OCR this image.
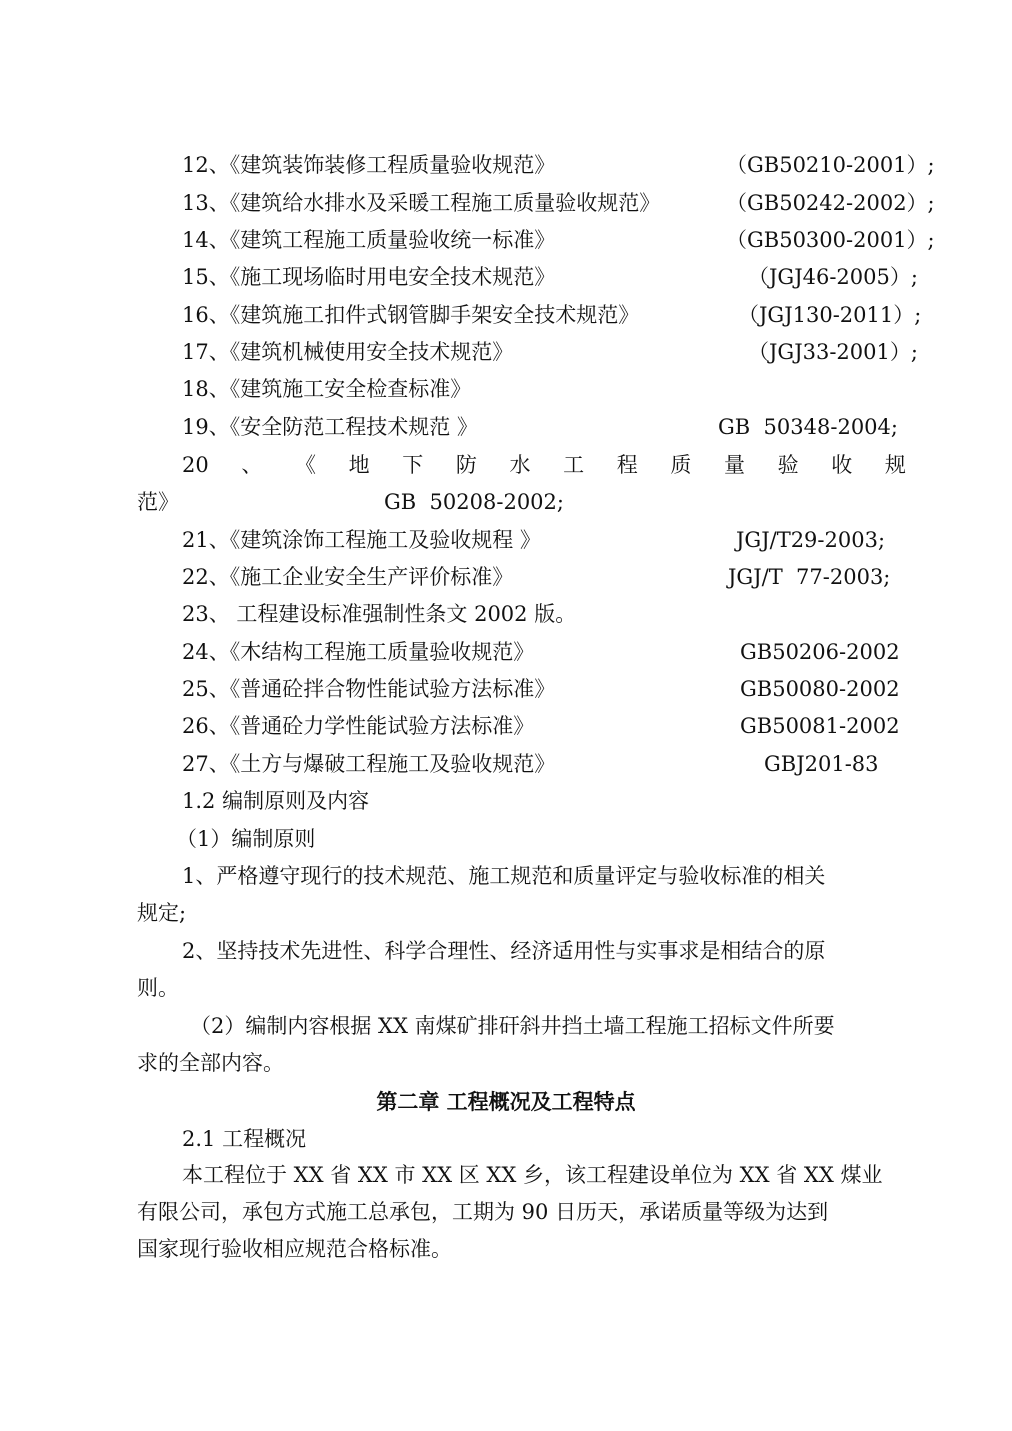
12、《建筑装饰装修工程质量验收规范》	（GB50210-2001）;
13、《建筑给水排水及采暖工程施工质量验收规范》	（GB50242-2002）;
14、《建筑工程施工质量验收统一标准》	（GB50300-2001）;
15、《施工现场临时用电安全技术规范》	（JGJ46-2005）;
16、《建筑施工扣件式钢管脚手架安全技术规范》	（JGJ130-2011）;
17、《建筑机械使用安全技术规范》	（JGJ33-2001）;
18、《建筑施工安全检查标准》
19、《安全防范工程技术规范 》	GB  50348-2004;
20 、 《 地 下 防 水 工 程 质 量 验 收 规
范》	GB  50208-2002;
21、《建筑涂饰工程施工及验收规程 》	JGJ/T29-2003;
22、《施工企业安全生产评价标准》	JGJ/T  77-2003;
23、 工程建设标准强制性条文 2002 版。
24、《木结构工程施工质量验收规范》	GB50206-2002
25、《普通砼拌合物性能试验方法标准》	GB50080-2002
26、《普通砼力学性能试验方法标准》	GB50081-2002
27、《土方与爆破工程施工及验收规范》	GBJ201-83
1.2 编制原则及内容
（1）编制原则
1、严格遵守现行的技术规范、施工规范和质量评定与验收标准的相关
规定;
2、坚持技术先进性、科学合理性、经济适用性与实事求是相结合的原
则。
（2）编制内容根据 XX 南煤矿排矸斜井挡土墙工程施工招标文件所要
求的全部内容。
第二章 工程概况及工程特点
2.1 工程概况
本工程位于 XX 省 XX 市 XX 区 XX 乡，该工程建设单位为 XX 省 XX 煤业
有限公司，承包方式施工总承包，工期为 90 日历天，承诺质量等级为达到
国家现行验收相应规范合格标准。
